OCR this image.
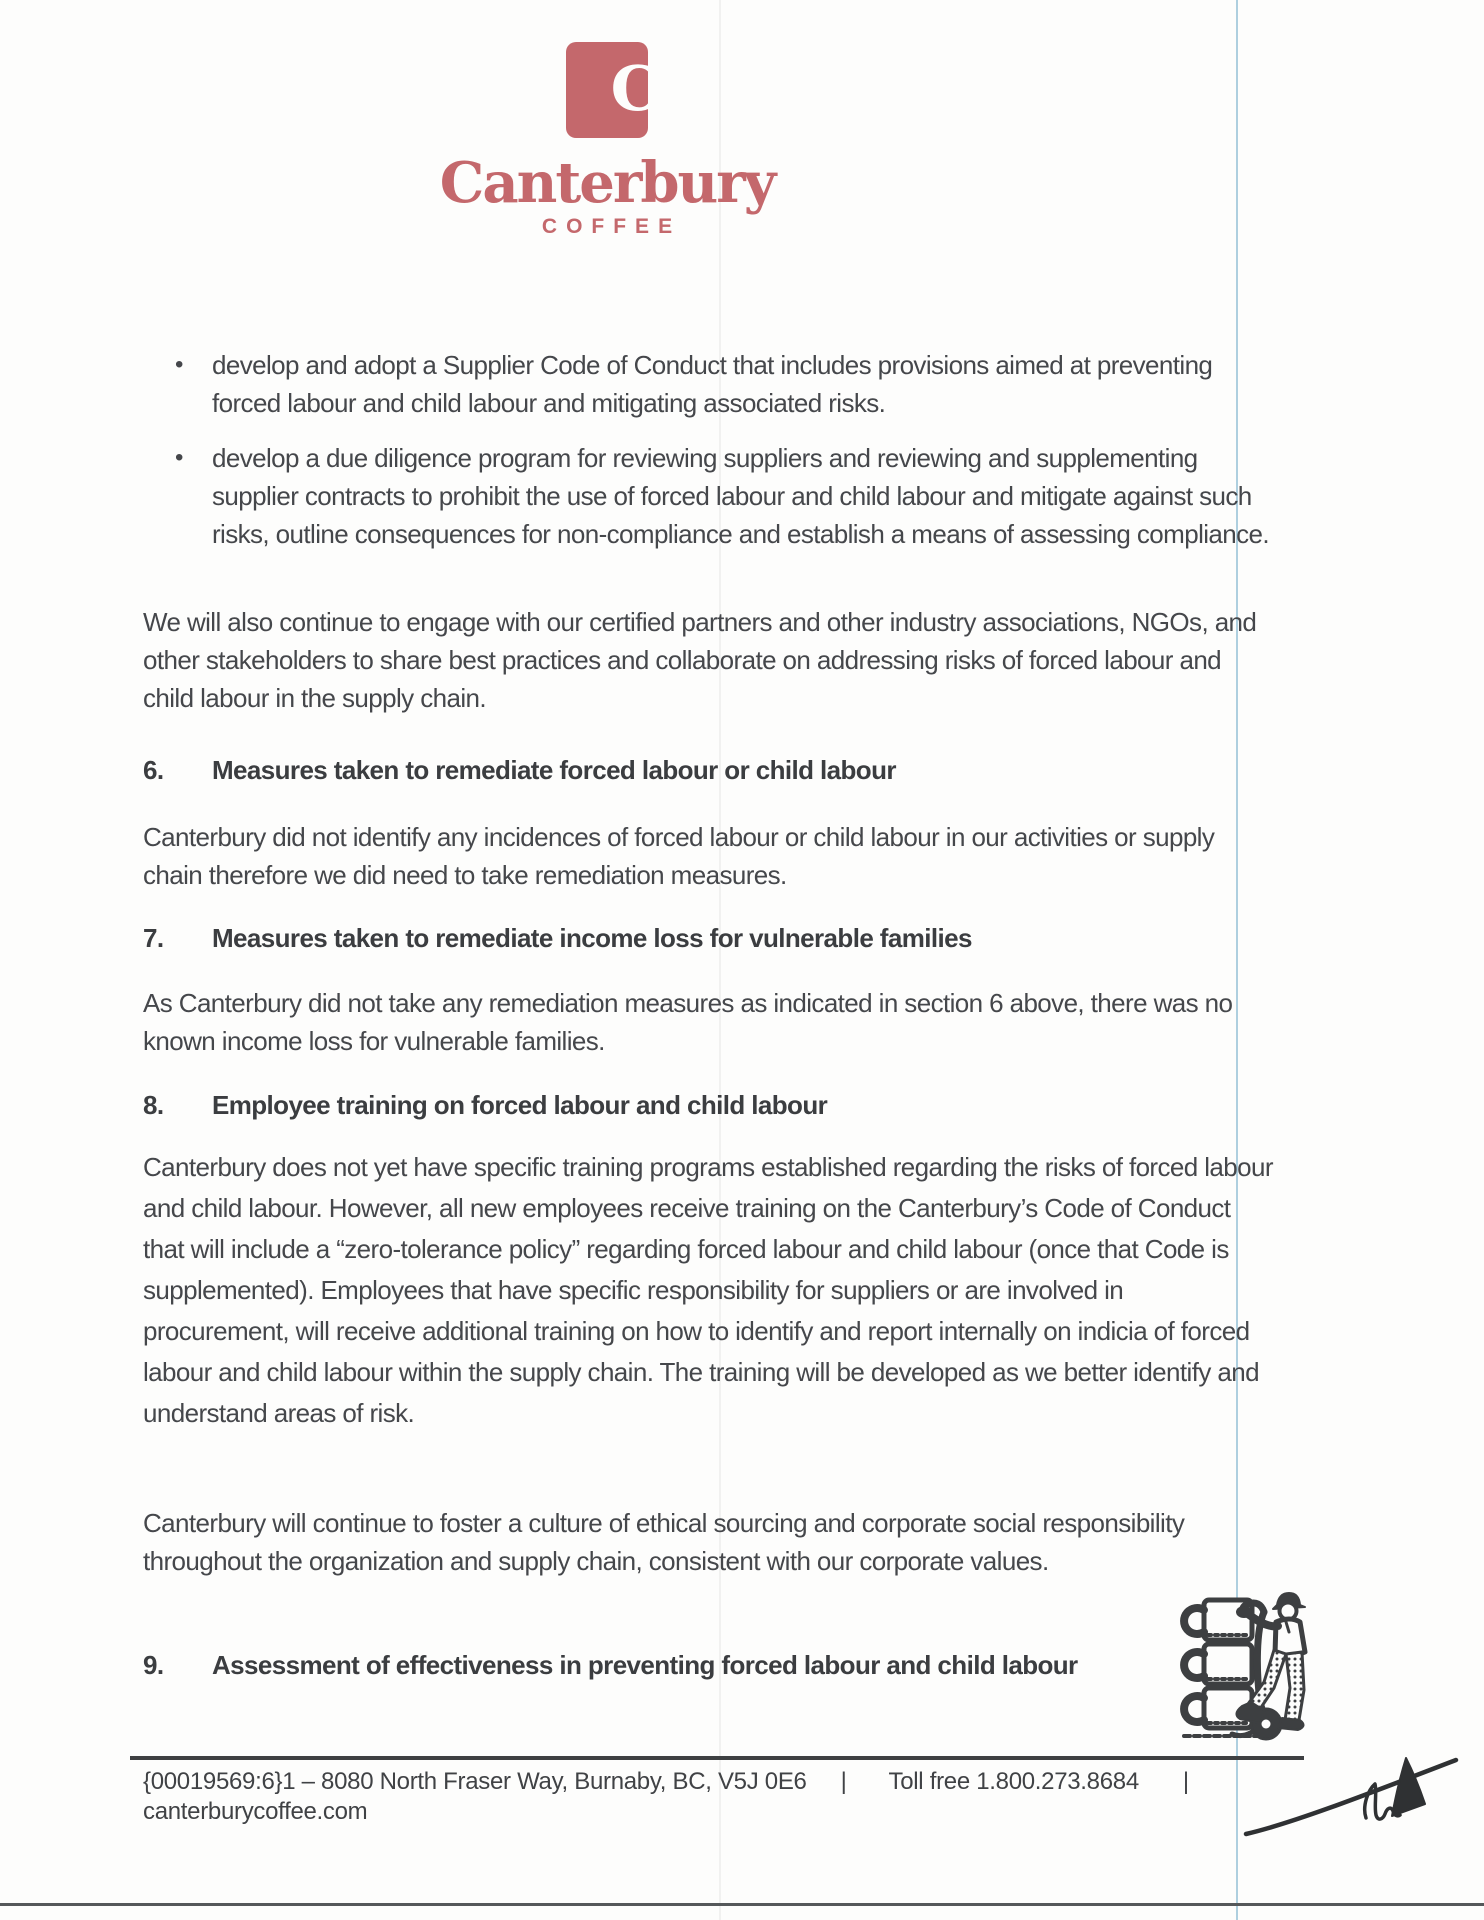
C
Canterbury
COFFEE
•	develop and adopt a Supplier Code of Conduct that includes provisions aimed at preventing forced labour and child labour and mitigating associated risks.
•	develop a due diligence program for reviewing suppliers and reviewing and supplementing supplier contracts to prohibit the use of forced labour and child labour and mitigate against such risks, outline consequences for non-compliance and establish a means of assessing compliance.

We will also continue to engage with our certified partners and other industry associations, NGOs, and other stakeholders to share best practices and collaborate on addressing risks of forced labour and child labour in the supply chain.

6.	Measures taken to remediate forced labour or child labour

Canterbury did not identify any incidences of forced labour or child labour in our activities or supply chain therefore we did need to take remediation measures.

7.	Measures taken to remediate income loss for vulnerable families

As Canterbury did not take any remediation measures as indicated in section 6 above, there was no known income loss for vulnerable families.

8.	Employee training on forced labour and child labour

Canterbury does not yet have specific training programs established regarding the risks of forced labour and child labour. However, all new employees receive training on the Canterbury’s Code of Conduct that will include a “zero-tolerance policy” regarding forced labour and child labour (once that Code is supplemented). Employees that have specific responsibility for suppliers or are involved in procurement, will receive additional training on how to identify and report internally on indicia of forced labour and child labour within the supply chain. The training will be developed as we better identify and understand areas of risk.

Canterbury will continue to foster a culture of ethical sourcing and corporate social responsibility throughout the organization and supply chain, consistent with our corporate values.

9.	Assessment of effectiveness in preventing forced labour and child labour
{00019569:6}1 – 8080 North Fraser Way, Burnaby, BC, V5J 0E6 | Toll free 1.800.273.8684 |
canterburycoffee.com
